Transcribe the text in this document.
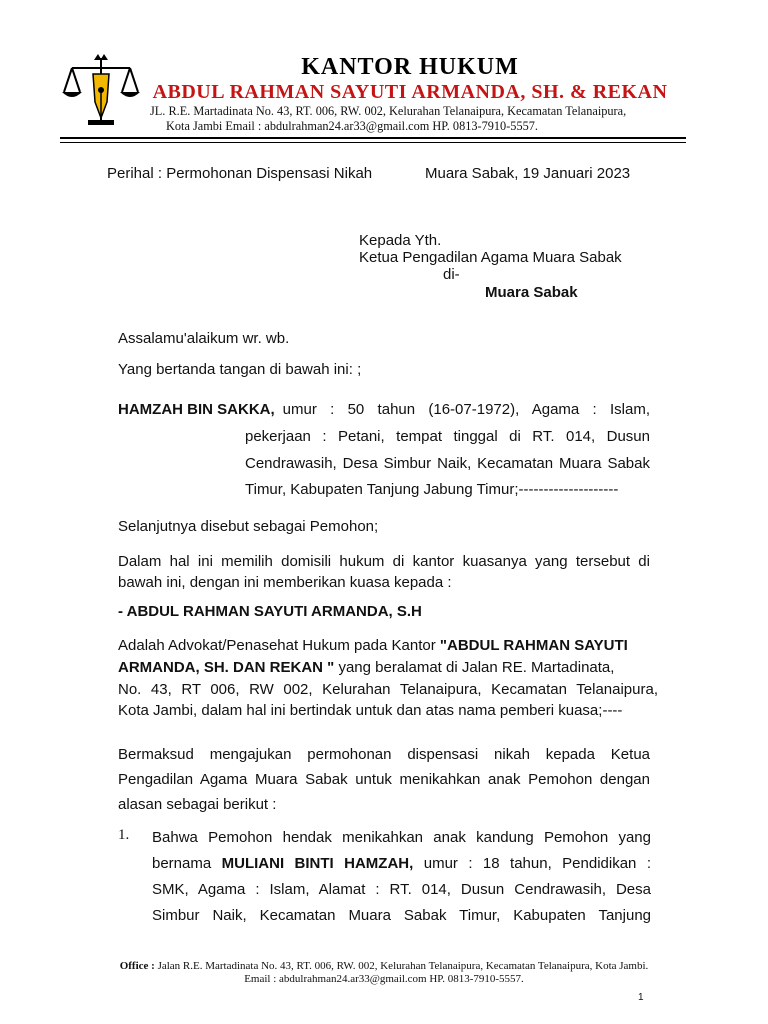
KANTOR HUKUM
ABDUL RAHMAN SAYUTI ARMANDA, SH. & REKAN
JL. R.E. Martadinata No. 43, RT. 006, RW. 002, Kelurahan Telanaipura, Kecamatan Telanaipura,
Kota Jambi Email : abdulrahman24.ar33@gmail.com HP. 0813-7910-5557.
Perihal : Permohonan Dispensasi Nikah	Muara Sabak, 19 Januari 2023
Kepada Yth.
Ketua Pengadilan Agama Muara Sabak
di-
Muara Sabak
Assalamu'alaikum wr. wb.
Yang bertanda tangan di bawah ini: ;
HAMZAH BIN SAKKA, umur : 50 tahun (16-07-1972), Agama : Islam,
pekerjaan : Petani, tempat tinggal di RT. 014, Dusun
Cendrawasih, Desa Simbur Naik, Kecamatan Muara Sabak
Timur, Kabupaten Tanjung Jabung Timur;--------------------
Selanjutnya disebut sebagai Pemohon;
Dalam hal ini memilih domisili hukum di kantor kuasanya yang tersebut di
bawah ini, dengan ini memberikan kuasa kepada :
- ABDUL RAHMAN SAYUTI ARMANDA, S.H
Adalah Advokat/Penasehat Hukum pada Kantor "ABDUL RAHMAN SAYUTI
ARMANDA, SH. DAN REKAN " yang beralamat di Jalan RE. Martadinata,
No. 43, RT 006, RW 002, Kelurahan Telanaipura, Kecamatan Telanaipura,
Kota Jambi, dalam hal ini bertindak untuk dan atas nama pemberi kuasa;----
Bermaksud mengajukan permohonan dispensasi nikah kepada Ketua
Pengadilan Agama Muara Sabak untuk menikahkan anak Pemohon dengan
alasan sebagai berikut :
1. Bahwa Pemohon hendak menikahkan anak kandung Pemohon yang
bernama MULIANI BINTI HAMZAH, umur : 18 tahun, Pendidikan :
SMK, Agama : Islam, Alamat : RT. 014, Dusun Cendrawasih, Desa
Simbur Naik, Kecamatan Muara Sabak Timur, Kabupaten Tanjung
Office : Jalan R.E. Martadinata No. 43, RT. 006, RW. 002, Kelurahan Telanaipura, Kecamatan Telanaipura, Kota Jambi.
Email : abdulrahman24.ar33@gmail.com HP. 0813-7910-5557.
1
